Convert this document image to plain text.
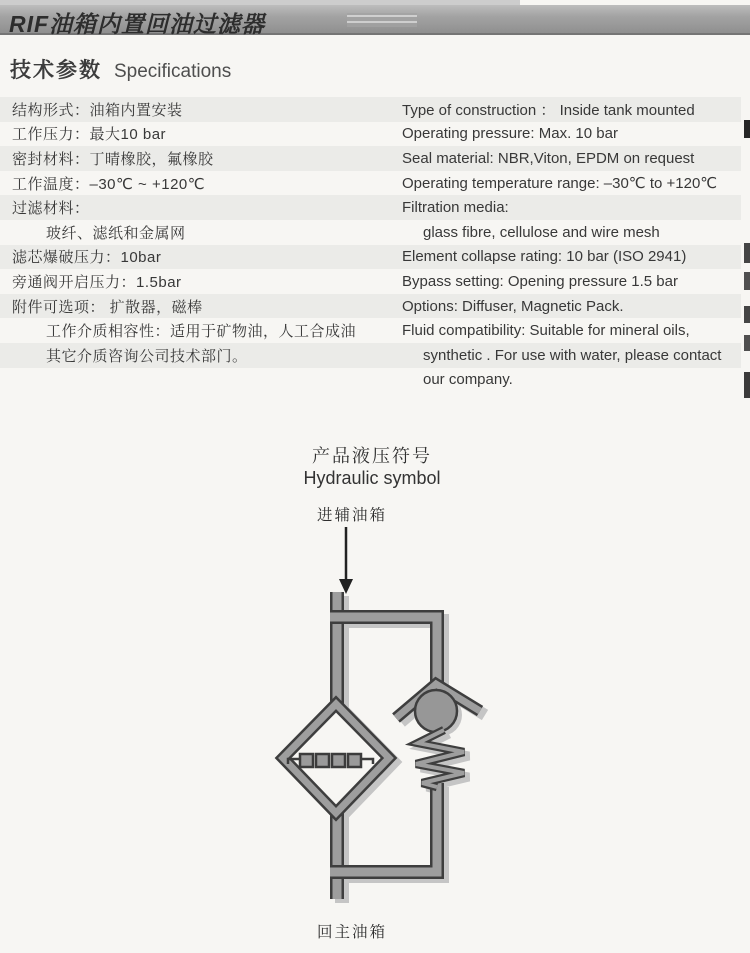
RIF油箱内置回油过滤器
技术参数 Specifications
结构形式：油箱内置安装	Type of construction ： Inside tank mounted
工作压力：最大10 bar	Operating pressure: Max. 10 bar
密封材料：丁晴橡胶，氟橡胶	Seal material: NBR,Viton, EPDM on request
工作温度：–30℃ ~ +120℃	Operating temperature range: –30℃ to +120℃
过滤材料：	Filtration media:
玻纤、滤纸和金属网	glass fibre, cellulose and wire mesh
滤芯爆破压力：10bar	Element collapse rating: 10 bar (ISO 2941)
旁通阀开启压力：1.5bar	Bypass setting: Opening pressure 1.5 bar
附件可选项： 扩散器，磁棒	Options: Diffuser, Magnetic Pack.
工作介质相容性：适用于矿物油，人工合成油	Fluid compatibility: Suitable for mineral oils,
其它介质咨询公司技术部门。	synthetic . For use with water, please contact
our company.
产品液压符号
Hydraulic symbol
进辅油箱
回主油箱
